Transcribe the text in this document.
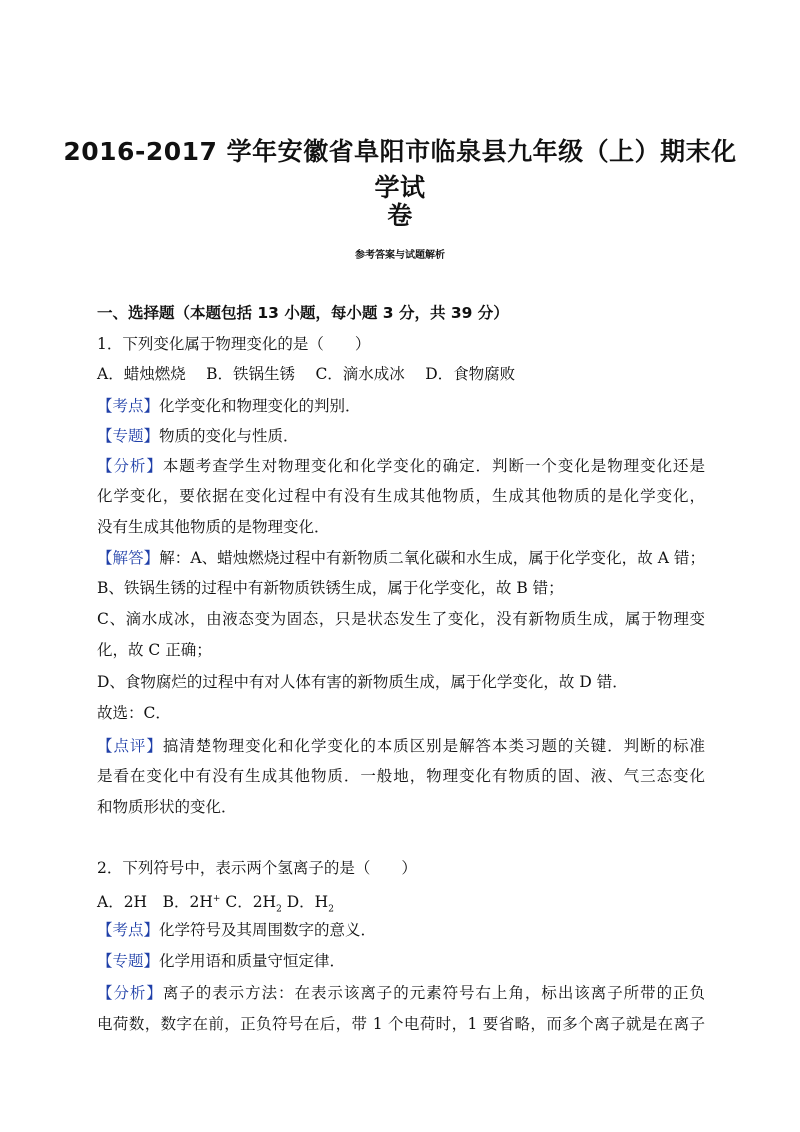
2016-2017 学年安徽省阜阳市临泉县九年级（上）期末化学试
卷
参考答案与试题解析
一、选择题（本题包括 13 小题，每小题 3 分，共 39 分）
1．下列变化属于物理变化的是（　　）
A．蜡烛燃烧　 B．铁锅生锈　 C．滴水成冰　 D．食物腐败
【考点】化学变化和物理变化的判别．
【专题】物质的变化与性质．
【分析】本题考查学生对物理变化和化学变化的确定．判断一个变化是物理变化还是
化学变化，要依据在变化过程中有没有生成其他物质，生成其他物质的是化学变化，
没有生成其他物质的是物理变化．
【解答】解：A、蜡烛燃烧过程中有新物质二氧化碳和水生成，属于化学变化，故 A 错；
B、铁锅生锈的过程中有新物质铁锈生成，属于化学变化，故 B 错；
C、滴水成冰，由液态变为固态，只是状态发生了变化，没有新物质生成，属于物理变
化，故 C 正确；
D、食物腐烂的过程中有对人体有害的新物质生成，属于化学变化，故 D 错．
故选：C．
【点评】搞清楚物理变化和化学变化的本质区别是解答本类习题的关键．判断的标准
是看在变化中有没有生成其他物质．一般地，物理变化有物质的固、液、气三态变化
和物质形状的变化．
2．下列符号中，表示两个氢离子的是（　　）
A．2H　B．2H+ C．$2H_2$ D．$H_2$
【考点】化学符号及其周围数字的意义．
【专题】化学用语和质量守恒定律．
【分析】离子的表示方法：在表示该离子的元素符号右上角，标出该离子所带的正负
电荷数，数字在前，正负符号在后，带 1 个电荷时，1 要省略，而多个离子就是在离子
